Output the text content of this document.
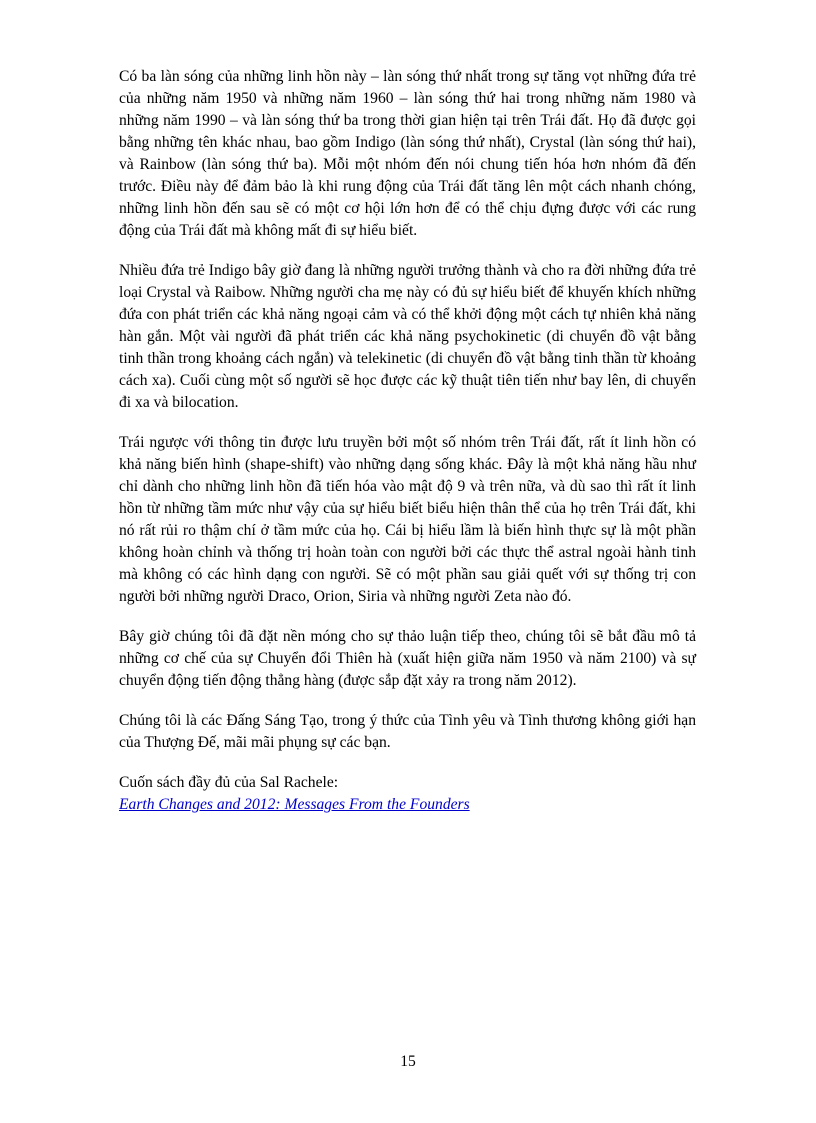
Có ba làn sóng của những linh hồn này – làn sóng thứ nhất trong sự tăng vọt những đứa trẻ của những năm 1950 và những năm 1960 – làn sóng thứ hai trong những năm 1980 và những năm 1990 – và làn sóng thứ ba trong thời gian hiện tại trên Trái đất. Họ đã được gọi bằng những tên khác nhau, bao gồm Indigo (làn sóng thứ nhất), Crystal (làn sóng thứ hai), và Rainbow (làn sóng thứ ba). Mỗi một nhóm đến nói chung tiến hóa hơn nhóm đã đến trước. Điều này để đảm bảo là khi rung động của Trái đất tăng lên một cách nhanh chóng, những linh hồn đến sau sẽ có một cơ hội lớn hơn để có thể chịu đựng được với các rung động của Trái đất mà không mất đi sự hiểu biết.

Nhiều đứa trẻ Indigo bây giờ đang là những người trưởng thành và cho ra đời những đứa trẻ loại Crystal và Raibow. Những người cha mẹ này có đủ sự hiểu biết để khuyến khích những đứa con phát triển các khả năng ngoại cảm và có thể khởi động một cách tự nhiên khả năng hàn gắn. Một vài người đã phát triển các khả năng psychokinetic (di chuyển đồ vật bằng tinh thần trong khoảng cách ngắn) và telekinetic (di chuyển đồ vật bằng tinh thần từ khoảng cách xa). Cuối cùng một số người sẽ học được các kỹ thuật tiên tiến như bay lên, di chuyển đi xa và bilocation.

Trái ngược với thông tin được lưu truyền bởi một số nhóm trên Trái đất, rất ít linh hồn có khả năng biến hình (shape-shift) vào những dạng sống khác. Đây là một khả năng hầu như chỉ dành cho những linh hồn đã tiến hóa vào mật độ 9 và trên nữa, và dù sao thì rất ít linh hồn từ những tầm mức như vậy của sự hiểu biết biểu hiện thân thể của họ trên Trái đất, khi nó rất rủi ro thậm chí ở tầm mức của họ. Cái bị hiểu lầm là biến hình thực sự là một phần không hoàn chỉnh và thống trị hoàn toàn con người bởi các thực thể astral ngoài hành tinh mà không có các hình dạng con người. Sẽ có một phần sau giải quết với sự thống trị con người bởi những người Draco, Orion, Siria và những người Zeta nào đó.

Bây giờ chúng tôi đã đặt nền móng cho sự thảo luận tiếp theo, chúng tôi sẽ bắt đầu mô tả những cơ chế của sự Chuyển đổi Thiên hà (xuất hiện giữa năm 1950 và năm 2100) và sự chuyển động tiến động thẳng hàng (được sắp đặt xảy ra trong năm 2012).

Chúng tôi là các Đấng Sáng Tạo, trong ý thức của Tình yêu và Tình thương không giới hạn của Thượng Đế, mãi mãi phụng sự các bạn.

Cuốn sách đầy đủ của Sal Rachele:

Earth Changes and 2012: Messages From the Founders

15
